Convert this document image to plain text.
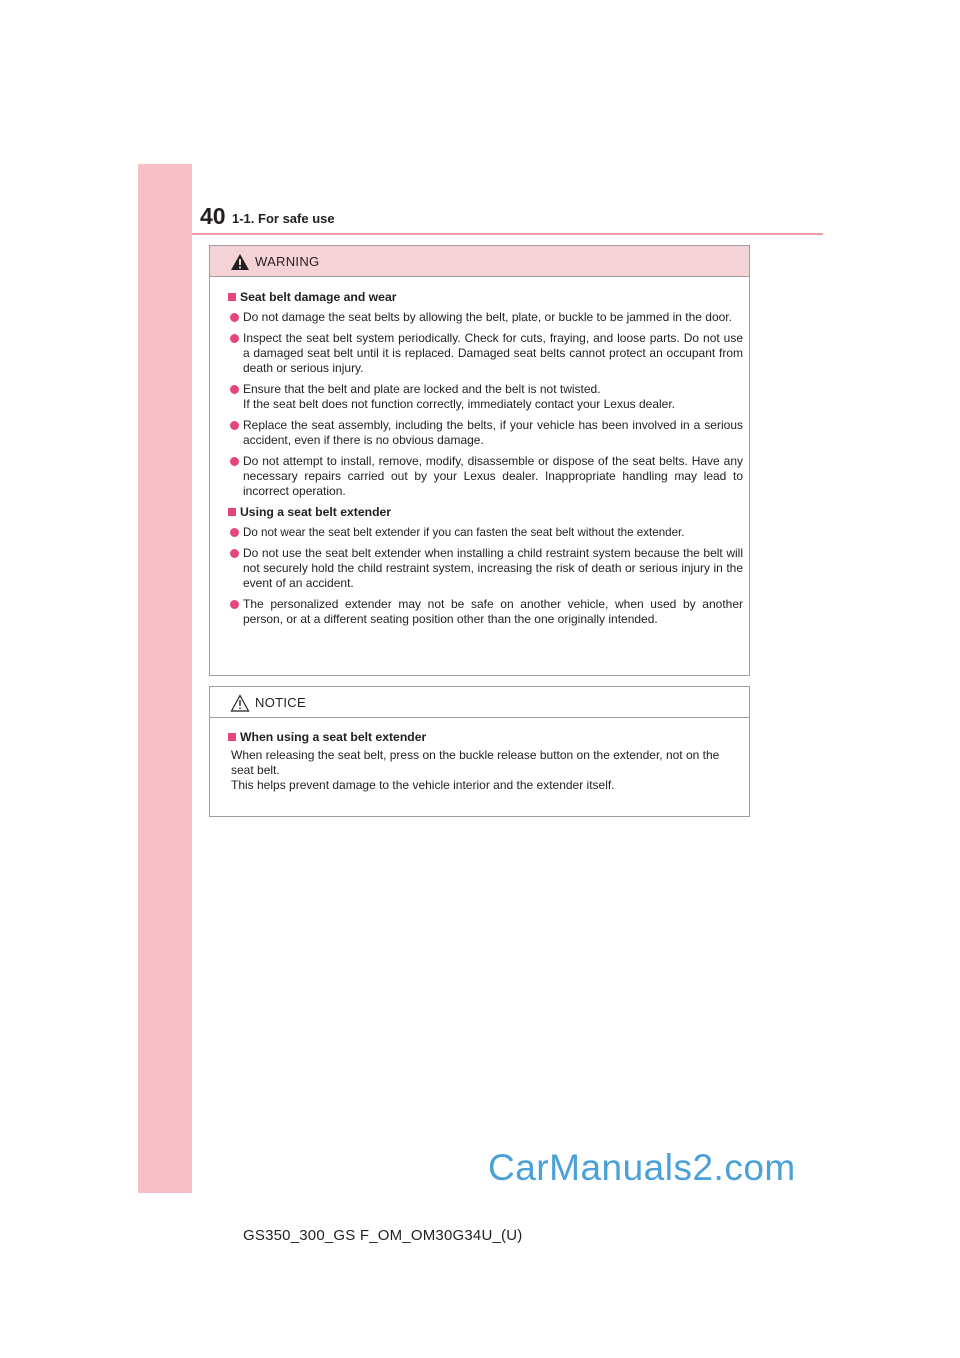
40 1-1. For safe use
WARNING
Seat belt damage and wear

Do not damage the seat belts by allowing the belt, plate, or buckle to be jammed in the door.

Inspect the seat belt system periodically. Check for cuts, fraying, and loose parts. Do not use a damaged seat belt until it is replaced. Damaged seat belts cannot protect an occupant from death or serious injury.

Ensure that the belt and plate are locked and the belt is not twisted.

If the seat belt does not function correctly, immediately contact your Lexus dealer.

Replace the seat assembly, including the belts, if your vehicle has been involved in a serious accident, even if there is no obvious damage.

Do not attempt to install, remove, modify, disassemble or dispose of the seat belts. Have any necessary repairs carried out by your Lexus dealer. Inappropriate handling may lead to incorrect operation.

Using a seat belt extender

Do not wear the seat belt extender if you can fasten the seat belt without the extender.

Do not use the seat belt extender when installing a child restraint system because the belt will not securely hold the child restraint system, increasing the risk of death or serious injury in the event of an accident.

The personalized extender may not be safe on another vehicle, when used by another person, or at a different seating position other than the one originally intended.

NOTICE
When using a seat belt extender

When releasing the seat belt, press on the buckle release button on the extender, not on the seat belt.

This helps prevent damage to the vehicle interior and the extender itself.

CarManuals2.com
GS350_300_GS F_OM_OM30G34U_(U)
